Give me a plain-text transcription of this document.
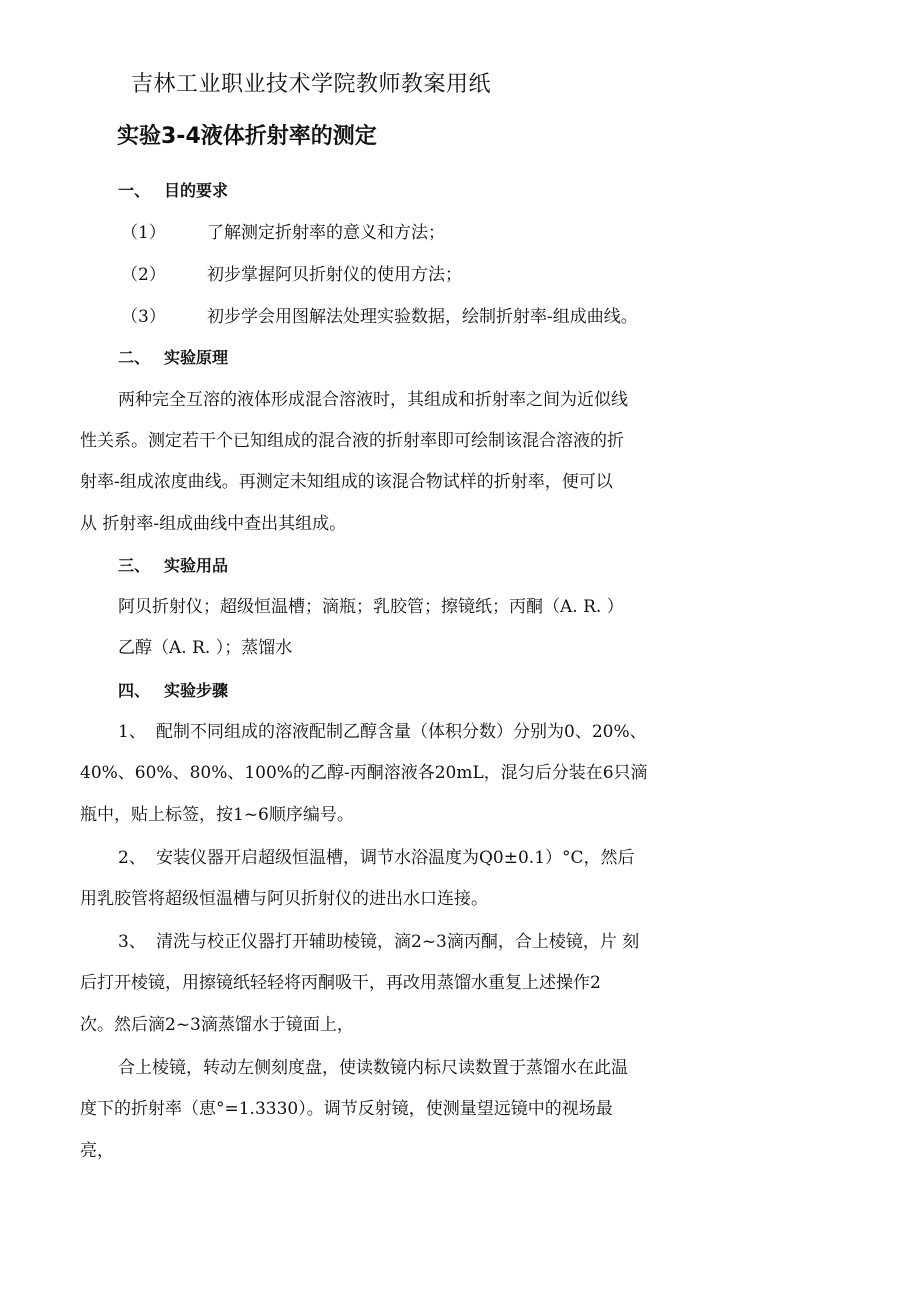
吉林工业职业技术学院教师教案用纸
实验3-4液体折射率的测定
一、 目的要求
（1） 了解测定折射率的意义和方法；
（2） 初步掌握阿贝折射仪的使用方法；
（3） 初步学会用图解法处理实验数据，绘制折射率-组成曲线。
二、 实验原理
两种完全互溶的液体形成混合溶液时，其组成和折射率之间为近似线
性关系。测定若干个已知组成的混合液的折射率即可绘制该混合溶液的折
射率-组成浓度曲线。再测定未知组成的该混合物试样的折射率，便可以
从 折射率-组成曲线中查出其组成。
三、 实验用品
阿贝折射仪；超级恒温槽；滴瓶；乳胶管；擦镜纸；丙酮（A. R. ）
乙醇（A. R. ）；蒸馏水
四、 实验步骤
1、 配制不同组成的溶液配制乙醇含量（体积分数）分别为0、20%、
40%、60%、80%、100%的乙醇-丙酮溶液各20mL，混匀后分装在6只滴
瓶中，贴上标签，按1~6顺序编号。
2、 安装仪器开启超级恒温槽，调节水浴温度为Q0±0.1）°C，然后
用乳胶管将超级恒温槽与阿贝折射仪的进出水口连接。
3、 清洗与校正仪器打开辅助棱镜，滴2~3滴丙酮，合上棱镜，片 刻
后打开棱镜，用擦镜纸轻轻将丙酮吸干，再改用蒸馏水重复上述操作2
次。然后滴2~3滴蒸馏水于镜面上，
合上棱镜，转动左侧刻度盘，使读数镜内标尺读数置于蒸馏水在此温
度下的折射率（恵°=1.3330）。调节反射镜，使测量望远镜中的视场最
亮，
